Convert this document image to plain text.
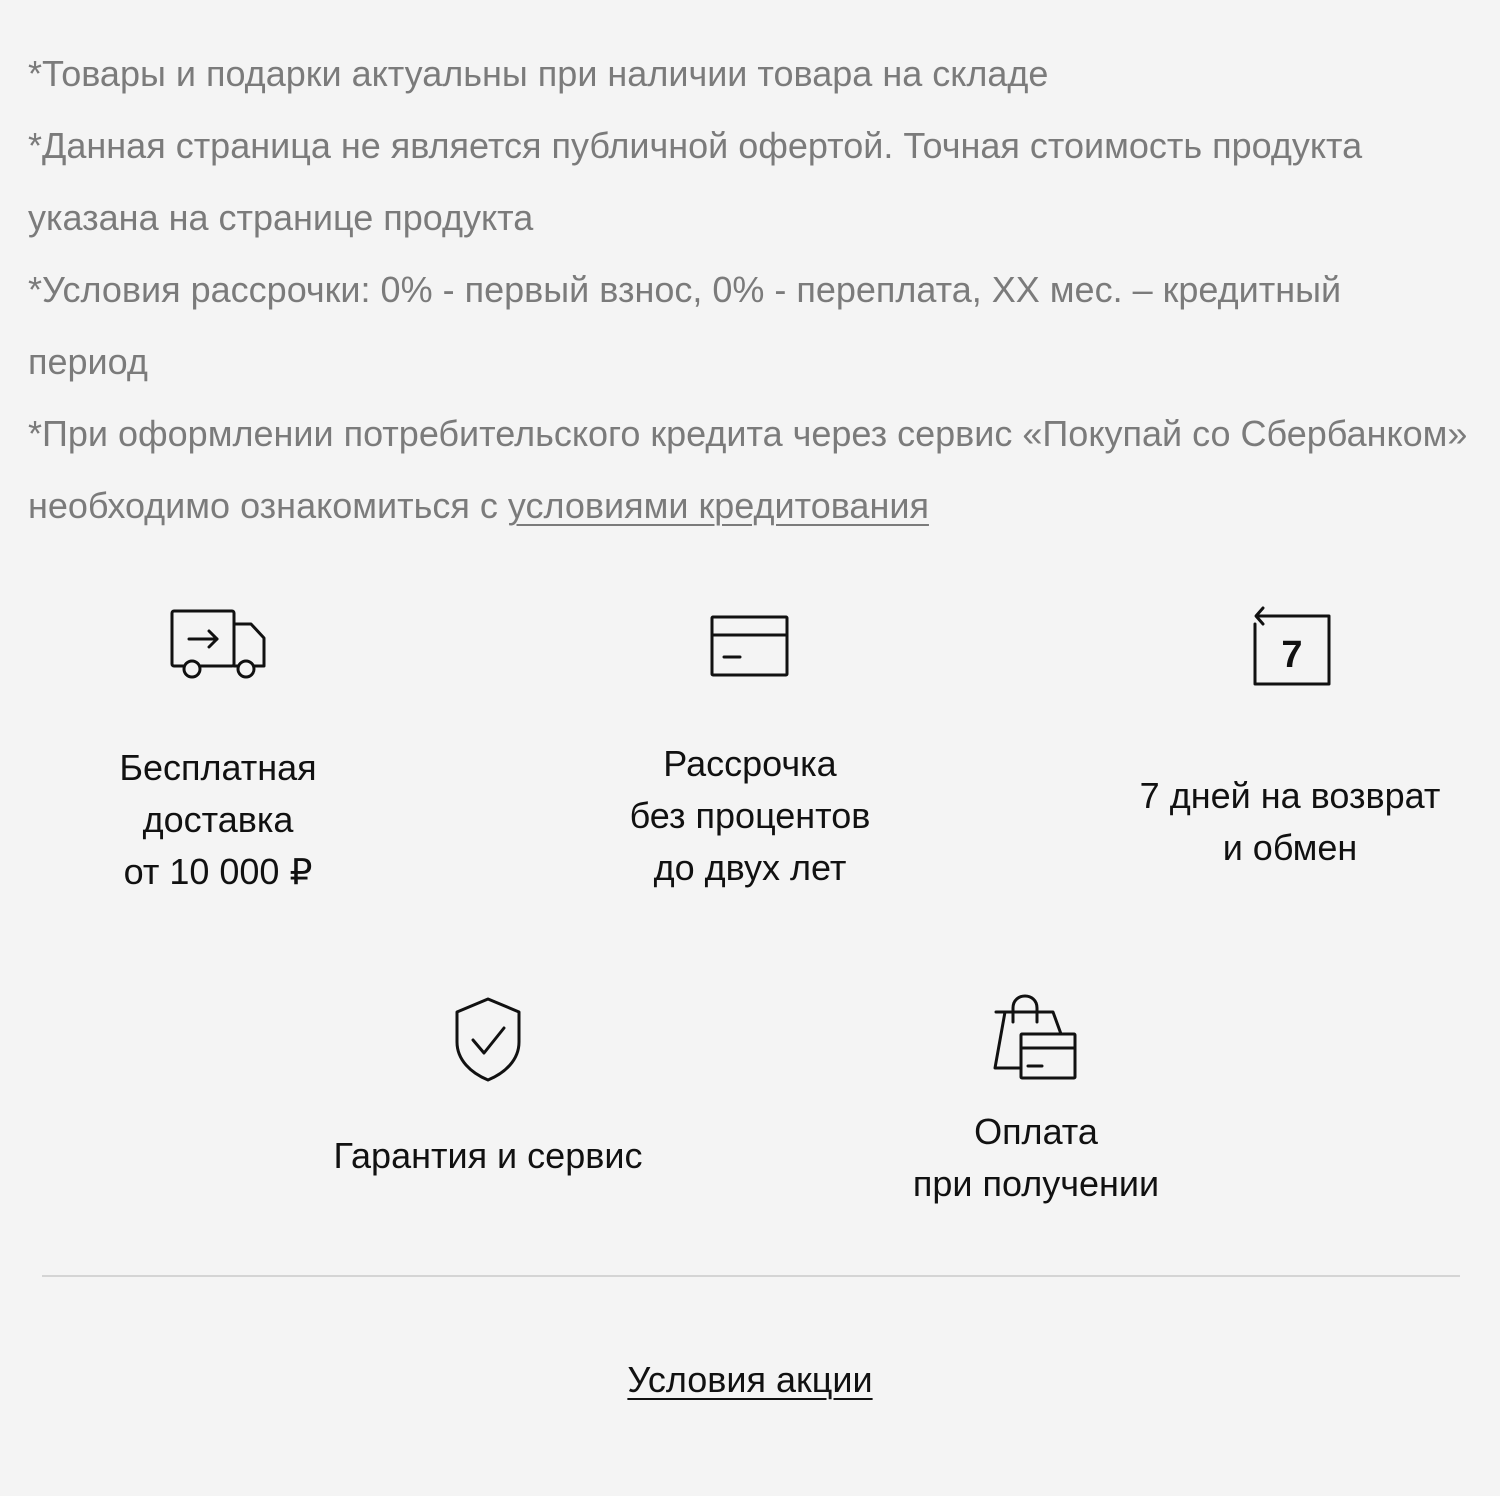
*Товары и подарки актуальны при наличии товара на складе

*Данная страница не является публичной офертой. Точная стоимость продукта указана на странице продукта

*Условия рассрочки: 0% - первый взнос, 0% - переплата, XX мес. – кредитный период

*При оформлении потребительского кредита через сервис «Покупай со Сбербанком» необходимо ознакомиться с условиями кредитования

Бесплатная
доставка
от 10 000 ₽
Рассрочка
без процентов
до двух лет
7
7 дней на возврат
и обмен
Гарантия и сервис
Оплата
при получении
Условия акции
